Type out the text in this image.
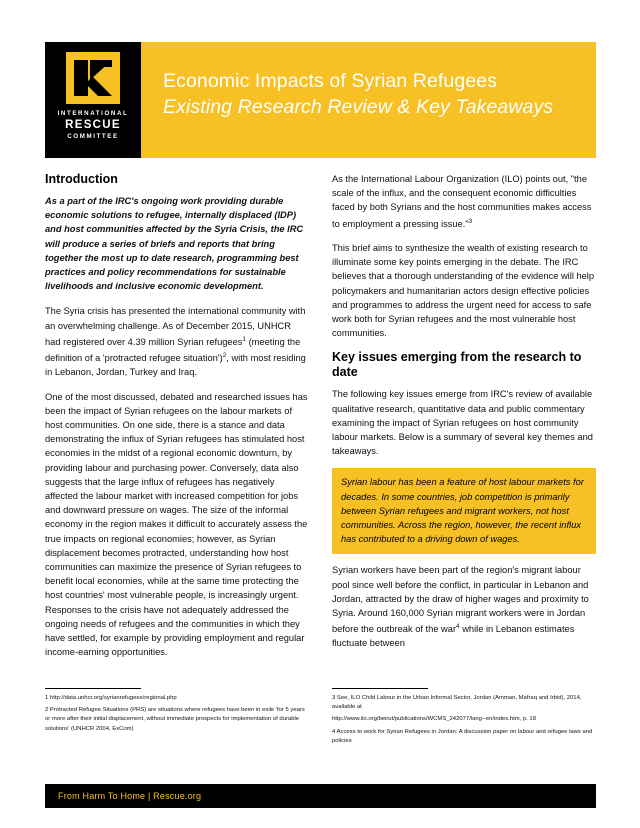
INTERNATIONAL
RESCUE
COMMITTEE
Economic Impacts of Syrian Refugees
Existing Research Review & Key Takeaways
Introduction

As a part of the IRC's ongoing work providing durable economic solutions to refugee, internally displaced (IDP) and host communities affected by the Syria Crisis, the IRC will produce a series of briefs and reports that bring together the most up to date research, programming best practices and policy recommendations for sustainable livelihoods and inclusive economic development.

The Syria crisis has presented the international community with an overwhelming challenge. As of December 2015, UNHCR had registered over 4.39 million Syrian refugees$^1$ (meeting the definition of a 'protracted refugee situation')$^2$, with most residing in Lebanon, Jordan, Turkey and Iraq.

One of the most discussed, debated and researched issues has been the impact of Syrian refugees on the labour markets of host communities. On one side, there is a stance and data demonstrating the influx of Syrian refugees has stimulated host economies in the midst of a regional economic downturn, by providing labour and purchasing power. Conversely, data also suggests that the large influx of refugees has negatively affected the labour market with increased competition for jobs and downward pressure on wages. The size of the informal economy in the region makes it difficult to accurately assess the true impacts on regional economies; however, as Syrian displacement becomes protracted, understanding how host communities can maximize the presence of Syrian refugees to benefit local economies, while at the same time protecting the host countries' most vulnerable people, is increasingly urgent. Responses to the crisis have not adequately addressed the ongoing needs of refugees and the communities in which they have settled, for example by providing employment and regular income-earning opportunities.

As the International Labour Organization (ILO) points out, "the scale of the influx, and the consequent economic difficulties faced by both Syrians and the host communities makes access to employment a pressing issue."$^3$

This brief aims to synthesize the wealth of existing research to illuminate some key points emerging in the debate. The IRC believes that a thorough understanding of the evidence will help policymakers and humanitarian actors design effective policies and programmes to address the urgent need for access to safe work both for Syrian refugees and the most vulnerable host communities.

Key issues emerging from the research to date

The following key issues emerge from IRC's review of available qualitative research, quantitative data and public commentary examining the impact of Syrian refugees on host community labour markets. Below is a summary of several key themes and takeaways.

Syrian labour has been a feature of host labour markets for decades. In some countries, job competition is primarily between Syrian refugees and migrant workers, not host communities. Across the region, however, the recent influx has contributed to a driving down of wages.

Syrian workers have been part of the region's migrant labour pool since well before the conflict, in particular in Lebanon and Jordan, attracted by the draw of higher wages and proximity to Syria. Around 160,000 Syrian migrant workers were in Jordan before the outbreak of the war$^4$ while in Lebanon estimates fluctuate between

1 http://data.unhcr.org/syrianrefugees/regional.php

2 Protracted Refugee Situations (PRS) are situations where refugees have been in exile 'for 5 years or more after their initial displacement, without immediate prospects for implementation of durable solutions' (UNHCR 2004, ExCom)

3 See, ILO Child Labour in the Urban Informal Sector, Jordan (Amman, Mafraq and Irbid), 2014, available at

http://www.ilo.org/beirut/publications/WCMS_242077/lang--en/index.htm, p. 18

4 Access to work for Syrian Refugees in Jordan: A discussion paper on labour and refugee laws and policies

From Harm To Home | Rescue.org
